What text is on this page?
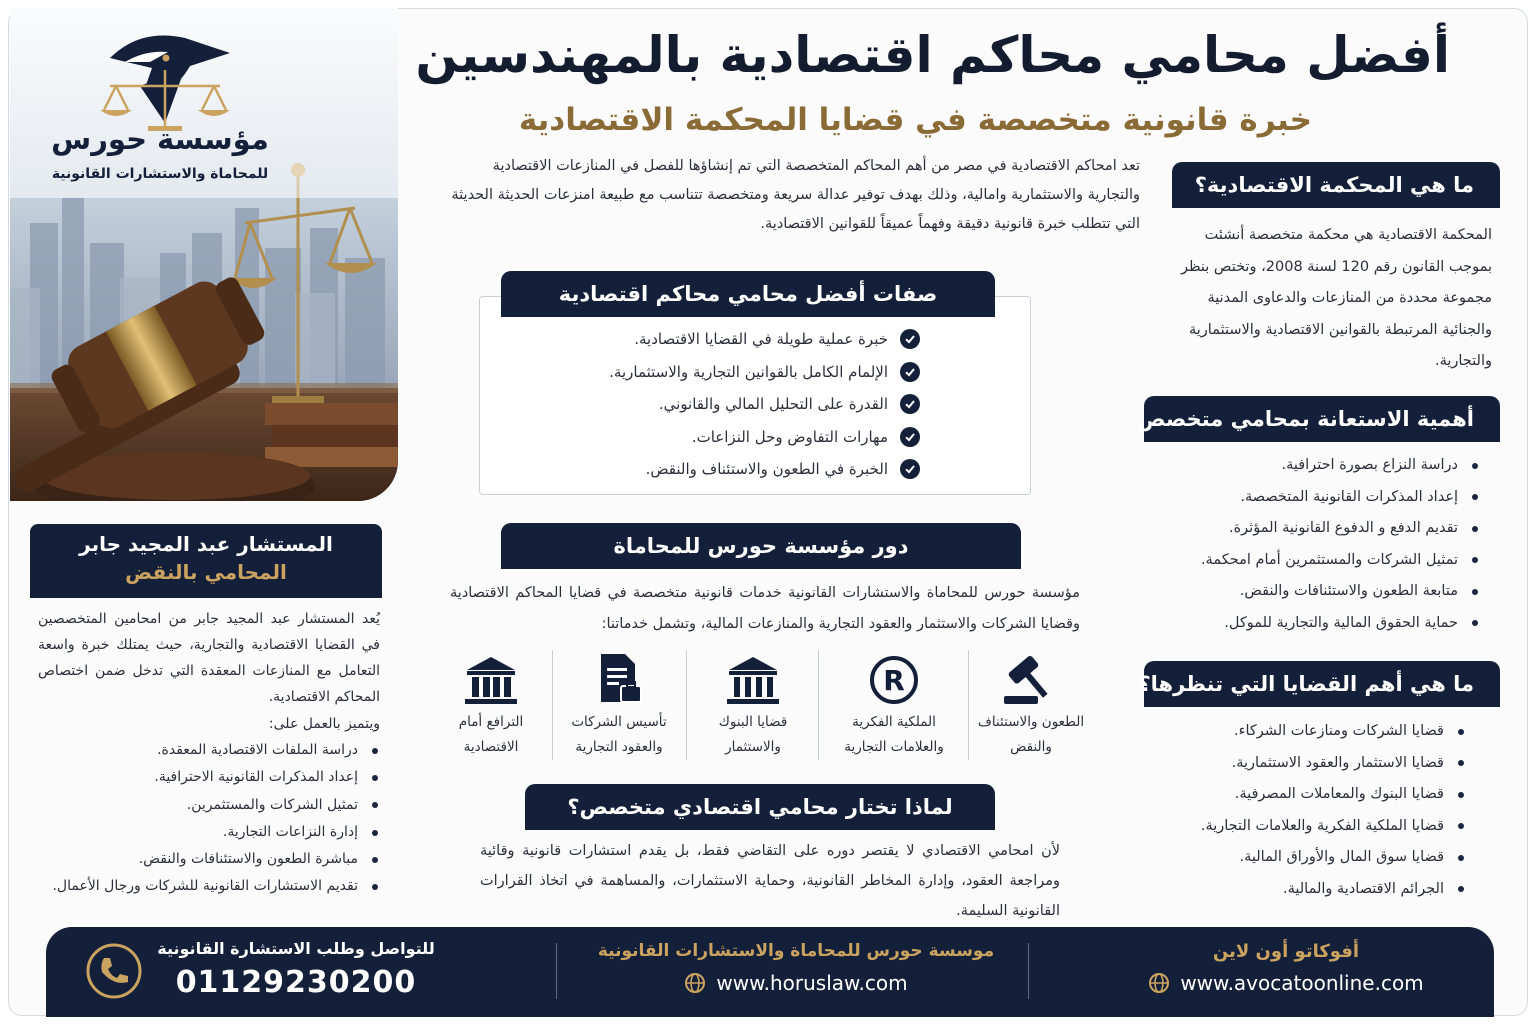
مؤسسة حورس
للمحاماة والاستشارات القانونية
أفضل محامي محاكم اقتصادية بالمهندسين
خبرة قانونية متخصصة في قضايا المحكمة الاقتصادية
تعد امحاكم الاقتصادية في مصر من أهم المحاكم المتخصصة التي تم إنشاؤها للفصل في المنازعات الاقتصادية والتجارية والاستثمارية وامالية، وذلك بهدف توفير عدالة سريعة ومتخصصة تتناسب مع طبيعة امنزعات الحديثة الحديثة التي تتطلب خبرة قانونية دقيقة وفهماً عميقاً للقوانين الاقتصادية.
ما هي المحكمة الاقتصادية؟
المحكمة الاقتصادية هي محكمة متخصصة أنشئت بموجب القانون رقم 120 لسنة 2008، وتختص بنظر مجموعة محددة من المنازعات والدعاوى المدنية والجنائية المرتبطة بالقوانين الاقتصادية والاستثمارية والتجارية.
أهمية الاستعانة بمحامي متخصص
دراسة النزاع بصورة احترافية.
إعداد المذكرات القانونية المتخصصة.
تقديم الدفع و الدفوع القانونية المؤثرة.
تمثيل الشركات والمستثمرين أمام امحكمة.
متابعة الطعون والاستئنافات والنقض.
حماية الحقوق المالية والتجارية للموكل.
ما هي أهم القضايا التي تنظرها؟
قضايا الشركات ومنازعات الشركاء.
قضايا الاستثمار والعقود الاستثمارية.
قضايا البنوك والمعاملات المصرفية.
قضايا الملكية الفكرية والعلامات التجارية.
قضايا سوق المال والأوراق المالية.
الجرائم الاقتصادية والمالية.
صفات أفضل محامي محاكم اقتصادية
خبرة عملية طويلة في القضايا الاقتصادية.
الإلمام الكامل بالقوانين التجارية والاستثمارية.
القدرة على التحليل المالي والقانوني.
مهارات التفاوض وحل النزاعات.
الخبرة في الطعون والاستئناف والنقض.
دور مؤسسة حورس للمحاماة
مؤسسة حورس للمحاماة والاستشارات القانونية خدمات قانونية متخصصة في قضايا المحاكم الاقتصادية وقضايا الشركات والاستثمار والعقود التجارية والمنازعات المالية، وتشمل خدماتنا:
الطعون والاستئناف والنقض
R
الملكية الفكرية والعلامات التجارية
قضايا البنوك والاستثمار
تأسيس الشركات والعقود التجارية
الترافع أمام الاقتصادية
لماذا تختار محامي اقتصادي متخصص؟
لأن امحامي الاقتصادي لا يقتصر دوره على التقاضي فقط، بل يقدم استشارات قانونية وقائية ومراجعة العقود، وإدارة المخاطر القانونية، وحماية الاستثمارات، والمساهمة في اتخاذ القرارات القانونية السليمة.
المستشار عبد المجيد جابر
المحامي بالنقض
يُعد المستشار عبد المجيد جابر من امحامين المتخصصين في القضايا الاقتصادية والتجارية، حيث يمتلك خبرة واسعة التعامل مع المنازعات المعقدة التي تدخل ضمن اختصاص المحاكم الاقتصادية.
ويتميز بالعمل على:
دراسة الملفات الاقتصادية المعقدة.
إعداد المذكرات القانونية الاحترافية.
تمثيل الشركات والمستثمرين.
إدارة النزاعات التجارية.
مباشرة الطعون والاستئنافات والنقض.
تقديم الاستشارات القانونية للشركات ورجال الأعمال.
أفوكاتو أون لاين
www.avocatoonline.com
موسسة حورس للمحاماة والاستشارات القانونية
www.horuslaw.com
للتواصل وطلب الاستشارة القانونية
01129230200
